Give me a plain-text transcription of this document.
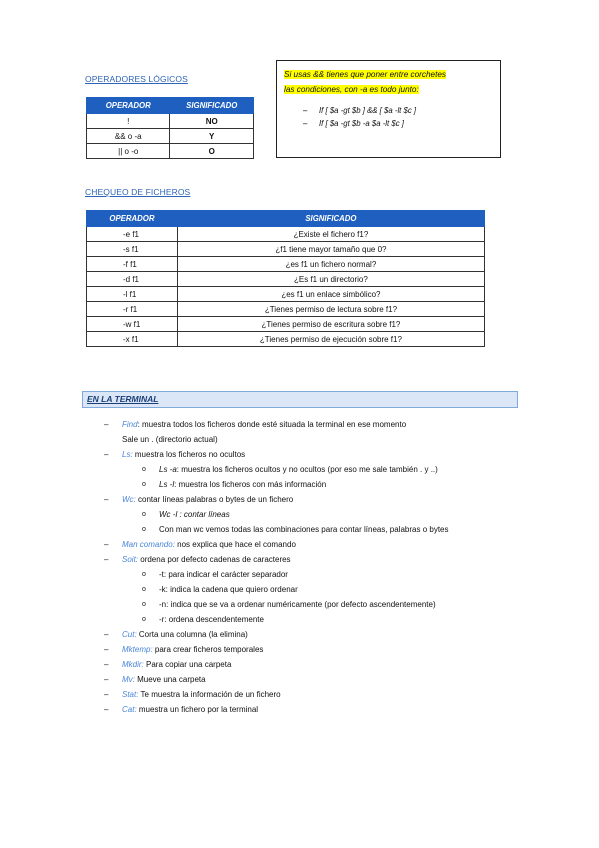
OPERADORES LÓGICOS
OPERADOR	SIGNIFICADO
!	NO
&& o -a	Y
|| o -o	O
Si usas && tienes que poner entre corchetes
las condiciones, con -a es todo junto:
– If [ $a -gt $b ] && [ $a -lt $c ]
– If [ $a -gt $b -a $a -lt $c ]
CHEQUEO DE FICHEROS
OPERADOR	SIGNIFICADO
-e f1	¿Existe el fichero f1?
-s f1	¿f1 tiene mayor tamaño que 0?
-f f1	¿es f1 un fichero normal?
-d f1	¿Es f1 un directorio?
-l f1	¿es f1 un enlace simbólico?
-r f1	¿Tienes permiso de lectura sobre f1?
-w f1	¿Tienes permiso de escritura sobre f1?
-x f1	¿Tienes permiso de ejecución sobre f1?
EN LA TERMINAL
– Find: muestra todos los ficheros donde esté situada la terminal en ese momento
Sale un . (directorio actual)
– Ls: muestra los ficheros no ocultos
o Ls -a: muestra los ficheros ocultos y no ocultos (por eso me sale también . y ..)
o Ls -l: muestra los ficheros con más información
– Wc: contar líneas palabras o bytes de un fichero
o Wc -l : contar líneas
o Con man wc vemos todas las combinaciones para contar líneas, palabras o bytes
– Man comando: nos explica que hace el comando
– Soit: ordena por defecto cadenas de caracteres
o -t: para indicar el carácter separador
o -k: indica la cadena que quiero ordenar
o -n: indica que se va a ordenar numéricamente (por defecto ascendentemente)
o -r: ordena descendentemente
– Cut: Corta una columna (la elimina)
– Mktemp: para crear ficheros temporales
– Mkdir: Para copiar una carpeta
– Mv: Mueve una carpeta
– Stat: Te muestra la información de un fichero
– Cat: muestra un fichero por la terminal
